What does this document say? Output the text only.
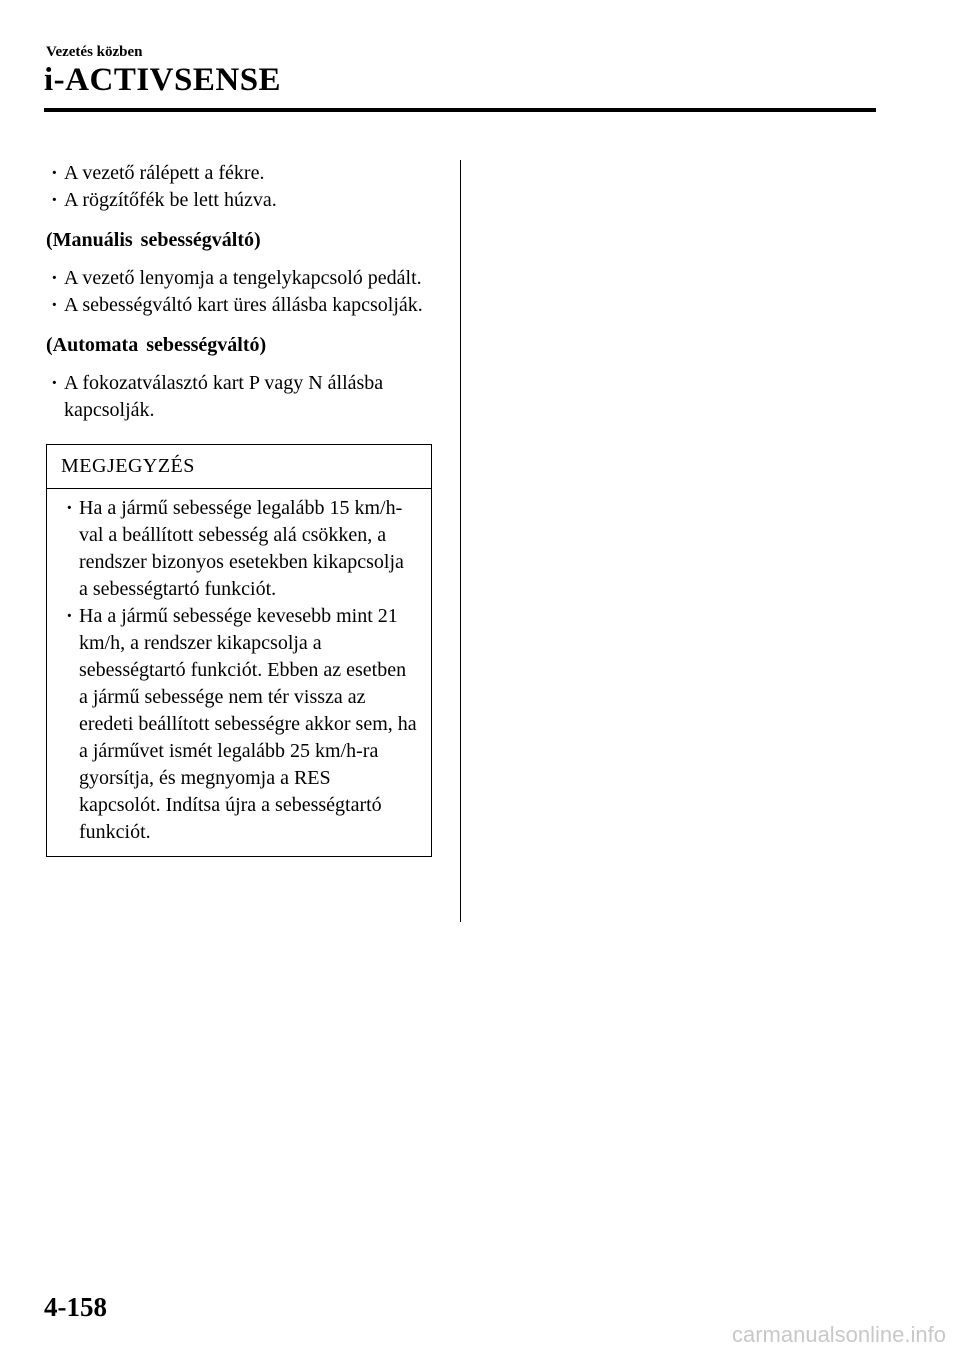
Vezetés közben
i-ACTIVSENSE
· A vezető rálépett a fékre.
· A rögzítőfék be lett húzva.
(Manuális sebességváltó)
· A vezető lenyomja a tengelykapcsoló pedált.
· A sebességváltó kart üres állásba kapcsolják.
(Automata sebességváltó)
· A fokozatválasztó kart P vagy N állásba kapcsolják.
MEGJEGYZÉS
· Ha a jármű sebessége legalább 15 km/h-val a beállított sebesség alá csökken, a rendszer bizonyos esetekben kikapcsolja a sebességtartó funkciót.
· Ha a jármű sebessége kevesebb mint 21 km/h, a rendszer kikapcsolja a sebességtartó funkciót. Ebben az esetben a jármű sebessége nem tér vissza az eredeti beállított sebességre akkor sem, ha a járművet ismét legalább 25 km/h-ra gyorsítja, és megnyomja a RES kapcsolót. Indítsa újra a sebességtartó funkciót.
4-158
carmanualsonline.info
